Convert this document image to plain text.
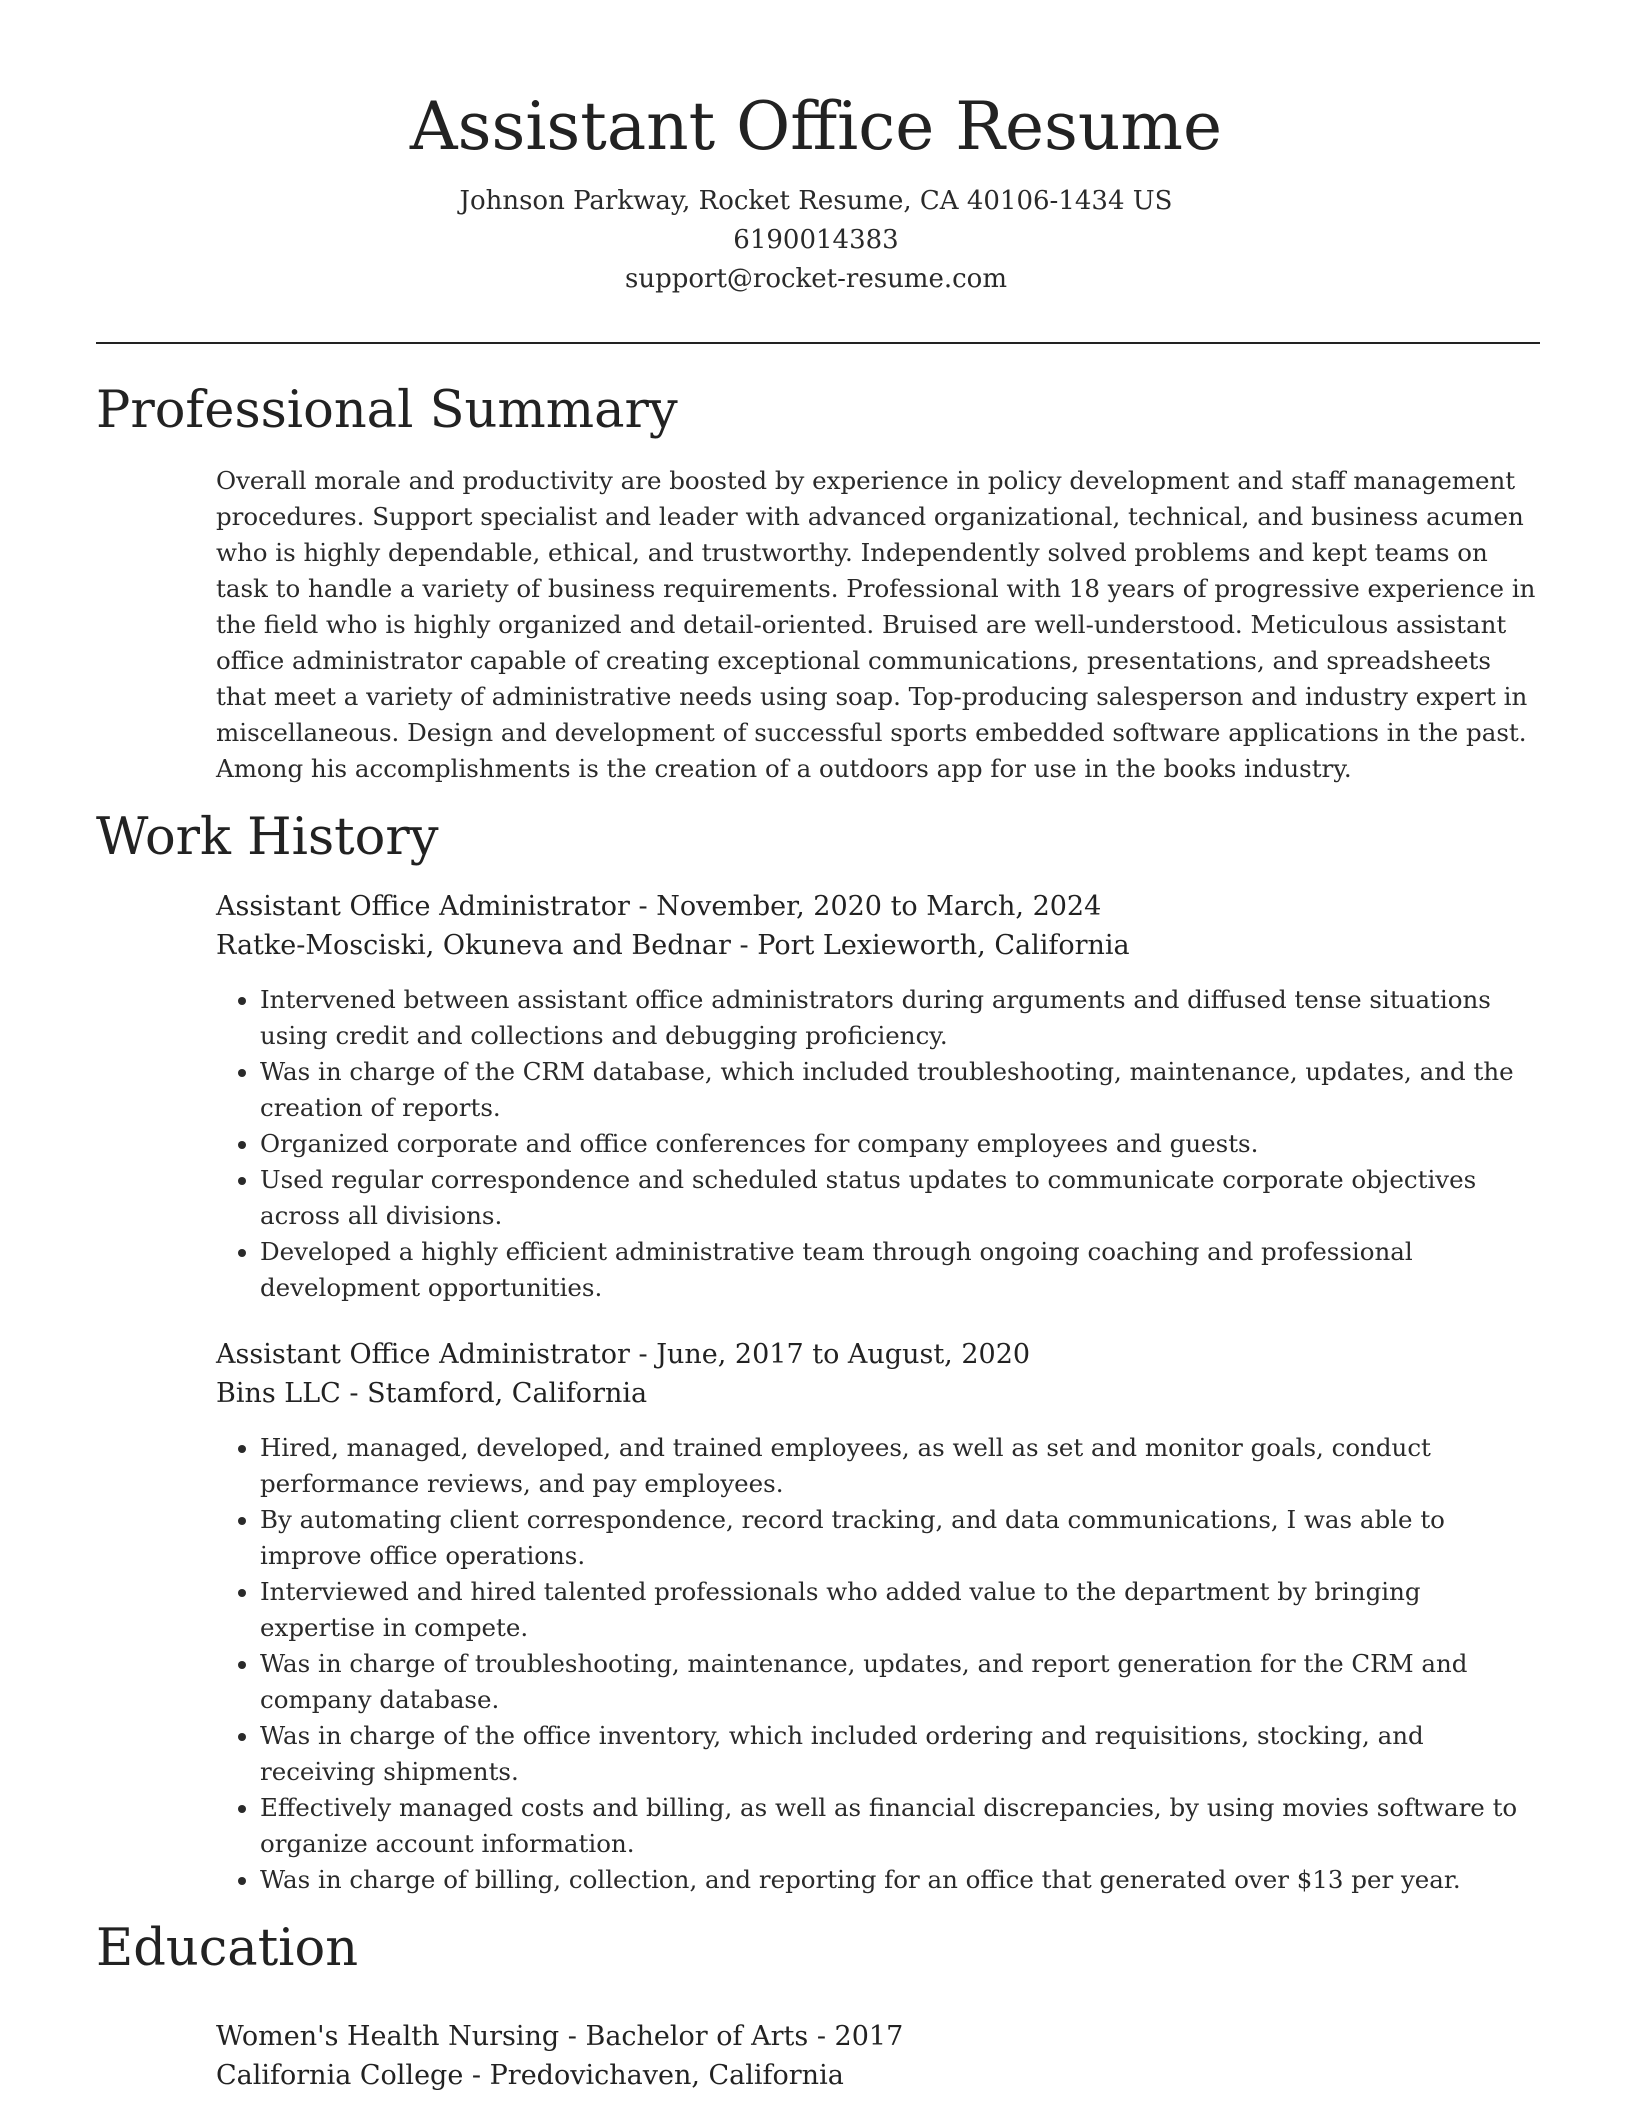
Assistant Office Resume
Johnson Parkway, Rocket Resume, CA 40106-1434 US
6190014383
support@rocket-resume.com
Professional Summary

Overall morale and productivity are boosted by experience in policy development and staff management procedures. Support specialist and leader with advanced organizational, technical, and business acumen who is highly dependable, ethical, and trustworthy. Independently solved problems and kept teams on task to handle a variety of business requirements. Professional with 18 years of progressive experience in the field who is highly organized and detail-oriented. Bruised are well-understood. Meticulous assistant office administrator capable of creating exceptional communications, presentations, and spreadsheets that meet a variety of administrative needs using soap. Top-producing salesperson and industry expert in miscellaneous. Design and development of successful sports embedded software applications in the past. Among his accomplishments is the creation of a outdoors app for use in the books industry.

Work History
Assistant Office Administrator - November, 2020 to March, 2024
Ratke-Mosciski, Okuneva and Bednar - Port Lexieworth, California
• Intervened between assistant office administrators during arguments and diffused tense situations using credit and collections and debugging proficiency.
• Was in charge of the CRM database, which included troubleshooting, maintenance, updates, and the creation of reports.
• Organized corporate and office conferences for company employees and guests.
• Used regular correspondence and scheduled status updates to communicate corporate objectives across all divisions.
• Developed a highly efficient administrative team through ongoing coaching and professional development opportunities.
Assistant Office Administrator - June, 2017 to August, 2020
Bins LLC - Stamford, California
• Hired, managed, developed, and trained employees, as well as set and monitor goals, conduct performance reviews, and pay employees.
• By automating client correspondence, record tracking, and data communications, I was able to improve office operations.
• Interviewed and hired talented professionals who added value to the department by bringing expertise in compete.
• Was in charge of troubleshooting, maintenance, updates, and report generation for the CRM and company database.
• Was in charge of the office inventory, which included ordering and requisitions, stocking, and receiving shipments.
• Effectively managed costs and billing, as well as financial discrepancies, by using movies software to organize account information.
• Was in charge of billing, collection, and reporting for an office that generated over $13 per year.
Education
Women's Health Nursing - Bachelor of Arts - 2017
California College - Predovichaven, California
